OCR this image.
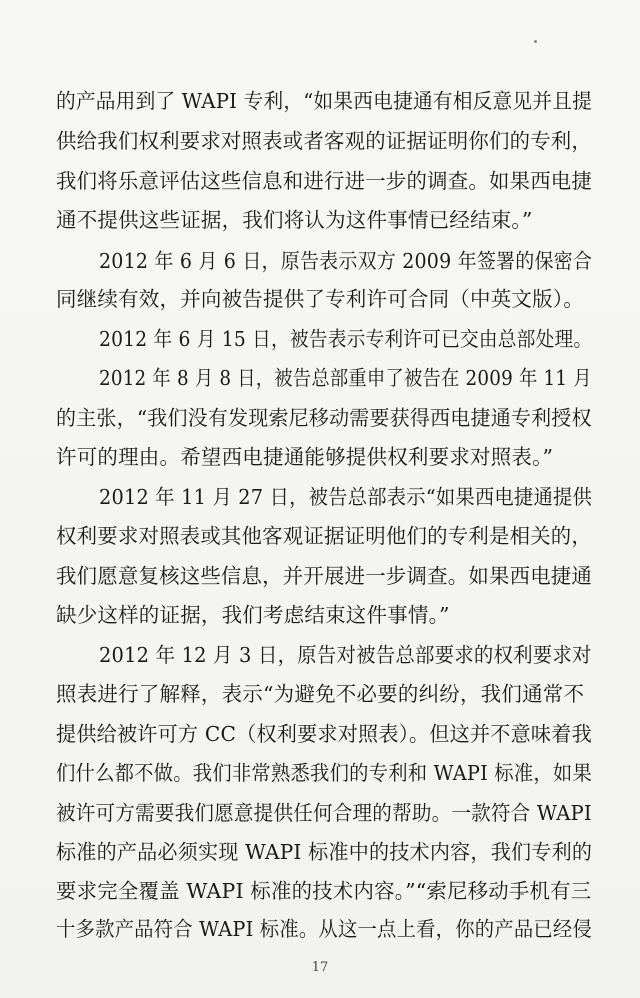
的产品用到了 WAPI 专利，“如果西电捷通有相反意见并且提
供给我们权利要求对照表或者客观的证据证明你们的专利，
我们将乐意评估这些信息和进行进一步的调查。如果西电捷
通不提供这些证据，我们将认为这件事情已经结束。”
2012 年 6 月 6 日，原告表示双方 2009 年签署的保密合
同继续有效，并向被告提供了专利许可合同（中英文版）。
2012 年 6 月 15 日，被告表示专利许可已交由总部处理。
2012 年 8 月 8 日，被告总部重申了被告在 2009 年 11 月
的主张，“我们没有发现索尼移动需要获得西电捷通专利授权
许可的理由。希望西电捷通能够提供权利要求对照表。”
2012 年 11 月 27 日，被告总部表示“如果西电捷通提供
权利要求对照表或其他客观证据证明他们的专利是相关的，
我们愿意复核这些信息，并开展进一步调查。如果西电捷通
缺少这样的证据，我们考虑结束这件事情。”
2012 年 12 月 3 日，原告对被告总部要求的权利要求对
照表进行了解释，表示“为避免不必要的纠纷，我们通常不
提供给被许可方 CC（权利要求对照表）。但这并不意味着我
们什么都不做。我们非常熟悉我们的专利和 WAPI 标准，如果
被许可方需要我们愿意提供任何合理的帮助。一款符合 WAPI
标准的产品必须实现 WAPI 标准中的技术内容，我们专利的
要求完全覆盖 WAPI 标准的技术内容。”“索尼移动手机有三
十多款产品符合 WAPI 标准。从这一点上看，你的产品已经侵
17
